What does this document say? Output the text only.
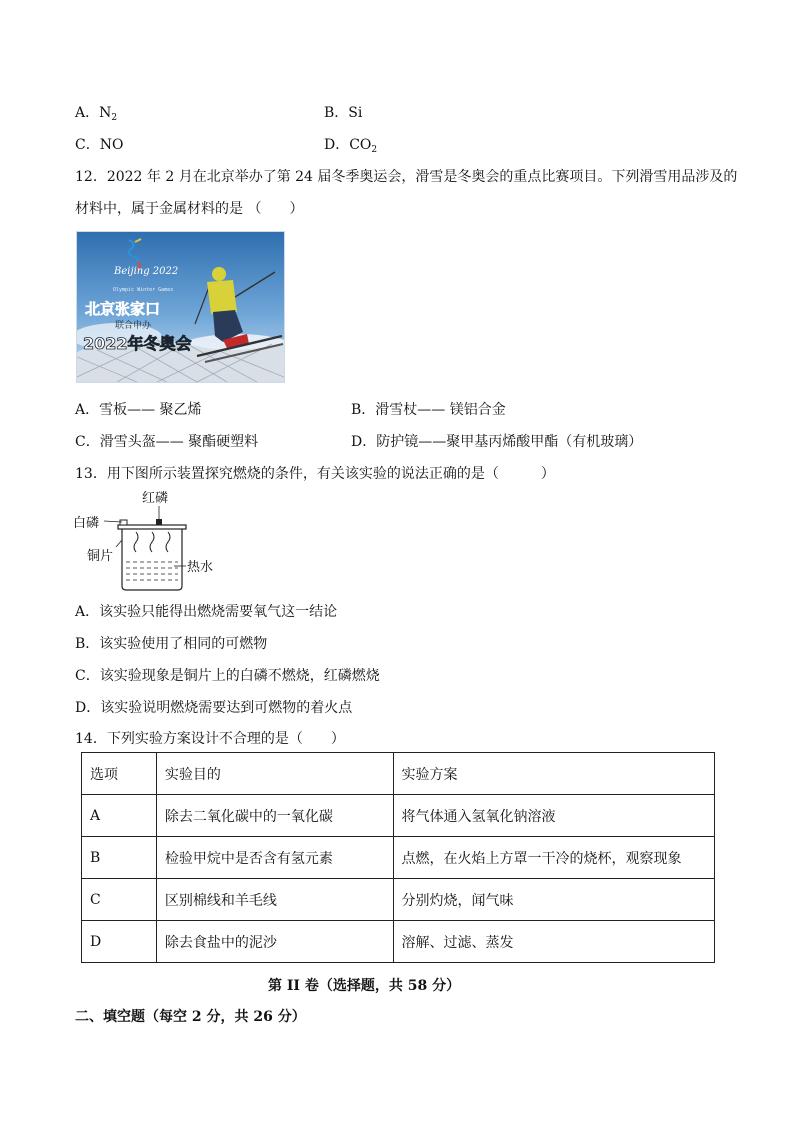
A．$N_2$	B．Si
C．NO	D．$CO_2$
12．2022 年 2 月在北京举办了第 24 届冬季奥运会，滑雪是冬奥会的重点比赛项目。下列滑雪用品涉及的
材料中，属于金属材料的是 （　　）
Beijing 2022
Olympic Winter Games
北京张家口
联合申办
2022年冬奥会
A．雪板—— 聚乙烯	B．滑雪杖—— 镁铝合金
C．滑雪头盔—— 聚酯硬塑料	D．防护镜——聚甲基丙烯酸甲酯（有机玻璃）
13．用下图所示装置探究燃烧的条件，有关该实验的说法正确的是（　　　）
红磷
白磷
铜片
热水
A．该实验只能得出燃烧需要氧气这一结论
B．该实验使用了相同的可燃物
C．该实验现象是铜片上的白磷不燃烧，红磷燃烧
D．该实验说明燃烧需要达到可燃物的着火点
14．下列实验方案设计不合理的是（　　）
选项	实验目的	实验方案
A	除去二氧化碳中的一氧化碳	将气体通入氢氧化钠溶液
B	检验甲烷中是否含有氢元素	点燃，在火焰上方罩一干冷的烧杯，观察现象
C	区别棉线和羊毛线	分别灼烧，闻气味
D	除去食盐中的泥沙	溶解、过滤、蒸发
第 II 卷（选择题，共 58 分）
二、填空题（每空 2 分，共 26 分）
